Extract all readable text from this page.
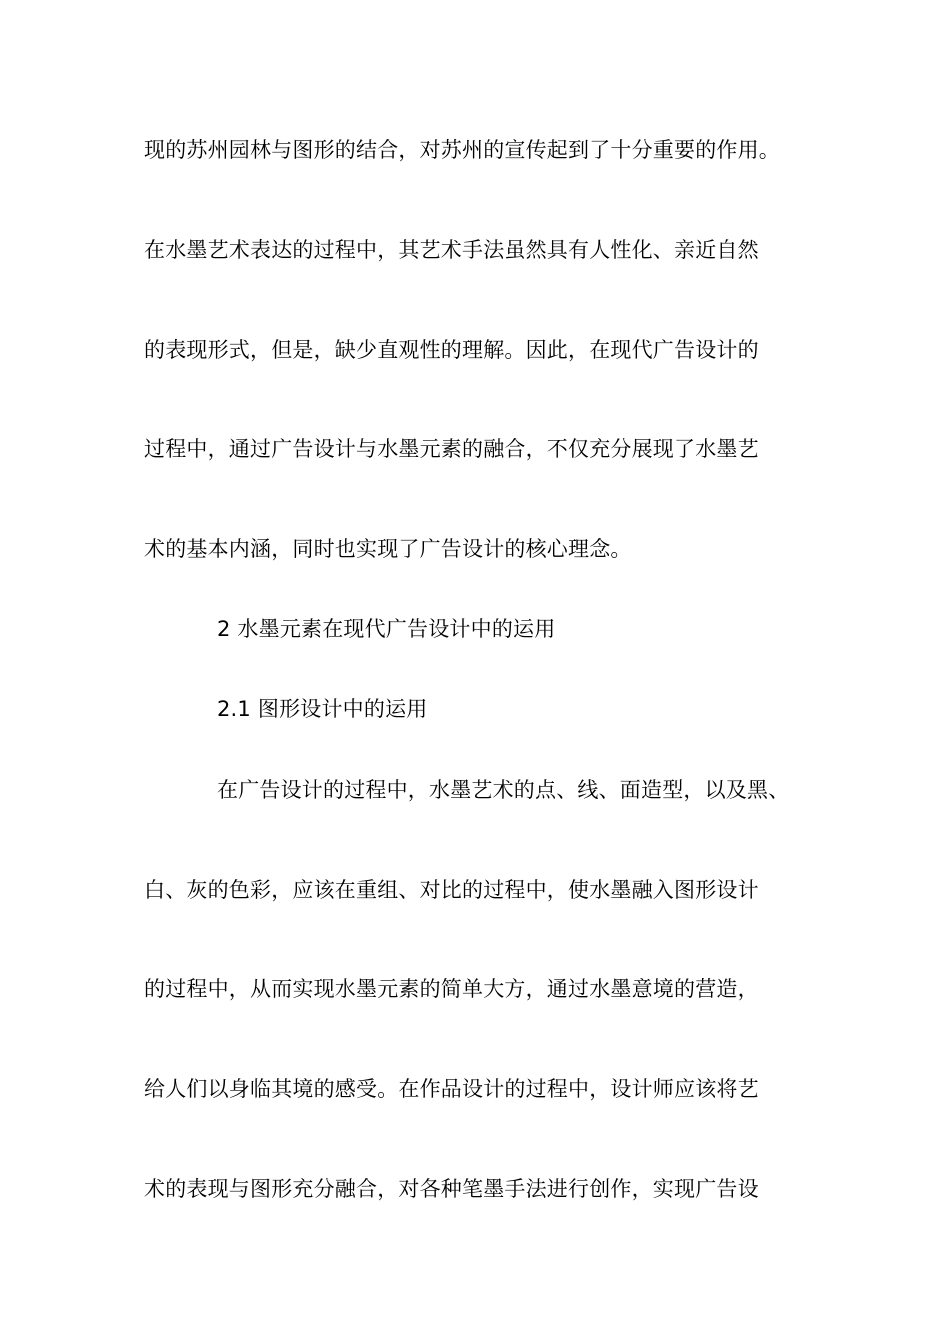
现的苏州园林与图形的结合，对苏州的宣传起到了十分重要的作用。
在水墨艺术表达的过程中，其艺术手法虽然具有人性化、亲近自然
的表现形式，但是，缺少直观性的理解。因此，在现代广告设计的
过程中，通过广告设计与水墨元素的融合，不仅充分展现了水墨艺
术的基本内涵，同时也实现了广告设计的核心理念。
2 水墨元素在现代广告设计中的运用
2.1 图形设计中的运用
在广告设计的过程中，水墨艺术的点、线、面造型，以及黑、
白、灰的色彩，应该在重组、对比的过程中，使水墨融入图形设计
的过程中，从而实现水墨元素的简单大方，通过水墨意境的营造，
给人们以身临其境的感受。在作品设计的过程中，设计师应该将艺
术的表现与图形充分融合，对各种笔墨手法进行创作，实现广告设
